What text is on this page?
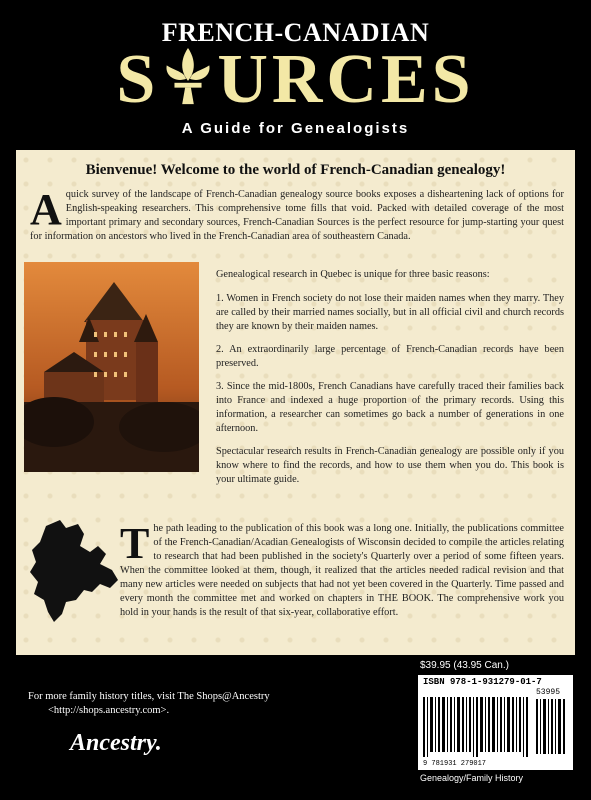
FRENCH-CANADIAN
S URCES
A Guide for Genealogists
Bienvenue! Welcome to the world of French-Canadian genealogy!
Aquick survey of the landscape of French-Canadian genealogy source books exposes a disheartening lack of options for English-speaking researchers. This comprehensive tome fills that void. Packed with detailed coverage of the most important primary and secondary sources, French-Canadian Sources is the perfect resource for jump-starting your quest for information on ancestors who lived in the French-Canadian area of southeastern Canada.
Genealogical research in Quebec is unique for three basic reasons:
1. Women in French society do not lose their maiden names when they marry. They are called by their married names socially, but in all official civil and church records they are known by their maiden names.
2. An extraordinarily large percentage of French-Canadian records have been preserved.
3. Since the mid-1800s, French Canadians have carefully traced their families back into France and indexed a huge proportion of the primary records. Using this information, a researcher can sometimes go back a number of generations in one afternoon.
Spectacular research results in French-Canadian genealogy are possible only if you know where to find the records, and how to use them when you do. This book is your ultimate guide.
The path leading to the publication of this book was a long one. Initially, the publications committee of the French-Canadian/Acadian Genealogists of Wisconsin decided to compile the articles relating to research that had been published in the society's Quarterly over a period of some fifteen years. When the committee looked at them, though, it realized that the articles needed radical revision and that many new articles were needed on subjects that had not yet been covered in the Quarterly. Time passed and every month the committee met and worked on chapters in THE BOOK. The comprehensive work you hold in your hands is the result of that six-year, collaborative effort.
For more family history titles, visit The Shops@Ancestry
<http://shops.ancestry.com>.
Ancestry.
$39.95 (43.95 Can.)
ISBN 978-1-931279-01-7
53995
9 781931 279017
Genealogy/Family History
